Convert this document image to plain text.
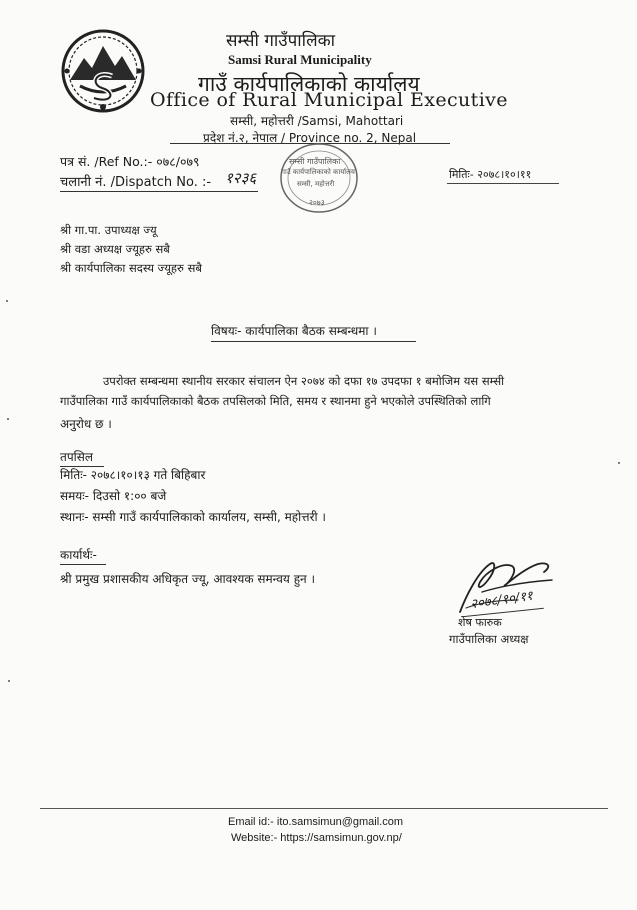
सम्सी गाउँपालिका
Samsi Rural Municipality
गाउँ कार्यपालिकाको कार्यालय
Office of Rural Municipal Executive
सम्सी, महोत्तरी /Samsi, Mahottari
प्रदेश नं.२, नेपाल / Province no. 2, Nepal
पत्र सं. /Ref No.:- ०७८/०७९
चलानी नं. /Dispatch No. :- १२३६
सम्सी गाउँपालिका
गाउँ कार्यपालिकाको कार्यालय
सम्सी, महोत्तरी
२०७३
मितिः- २०७८।१०।११
श्री गा.पा. उपाध्यक्ष ज्यू
श्री वडा अध्यक्ष ज्यूहरु सबै
श्री कार्यपालिका सदस्य ज्यूहरु सबै
विषयः- कार्यपालिका बैठक सम्बन्धमा ।
उपरोक्त सम्बन्धमा स्थानीय सरकार संचालन ऐन २०७४ को दफा १७ उपदफा १ बमोजिम यस सम्सी
गाउँपालिका गाउँ कार्यपालिकाको बैठक तपसिलको मिति, समय र स्थानमा हुने भएकोले उपस्थितिको लागि
अनुरोध छ ।
तपसिल
मितिः- २०७८।१०।१३ गते बिहिबार
समयः- दिउसो १:०० बजे
स्थानः- सम्सी गाउँ कार्यपालिकाको कार्यालय, सम्सी, महोत्तरी ।
कार्यार्थः-
श्री प्रमुख प्रशासकीय अधिकृत ज्यू, आवश्यक समन्वय हुन ।
२०७८/१०/११
शेष फारुक
गाउँपालिका अध्यक्ष
Email id:- ito.samsimun@gmail.com
Website:- https://samsimun.gov.np/
